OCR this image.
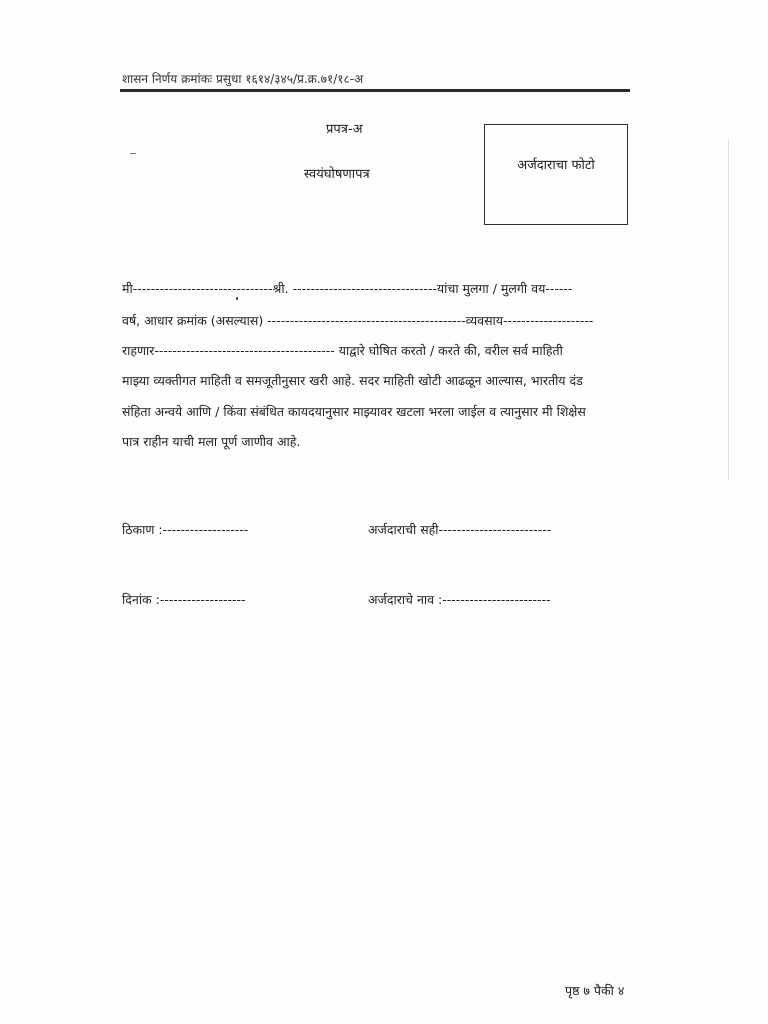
शासन निर्णय क्रमांकः प्रसुधा १६१४/३४५/प्र.क्र.७१/१८-अ
प्रपत्र-अ
स्वयंघोषणापत्र
अर्जदाराचा फोटो
मी-------------------------------श्री. --------------------------------यांचा मुलगा / मुलगी वय------
वर्ष, आधार क्रमांक (असल्यास) --------------------------------------------व्यवसाय--------------------
राहणार---------------------------------------- याद्वारे घोषित करतो / करते की, वरील सर्व माहिती
माझ्या व्यक्तीगत माहिती व समजूतीनुसार खरी आहे. सदर माहिती खोटी आढळून आल्यास, भारतीय दंड
संहिता अन्वये आणि / किंवा संबंधित कायदयानुसार माझ्यावर खटला भरला जाईल व त्यानुसार मी शिक्षेस
पात्र राहीन याची मला पूर्ण जाणीव आहे.
ठिकाण :-------------------	अर्जदाराची सही-------------------------
दिनांक :-------------------	अर्जदाराचे नाव :------------------------
पृष्ठ ७ पैकी ४
